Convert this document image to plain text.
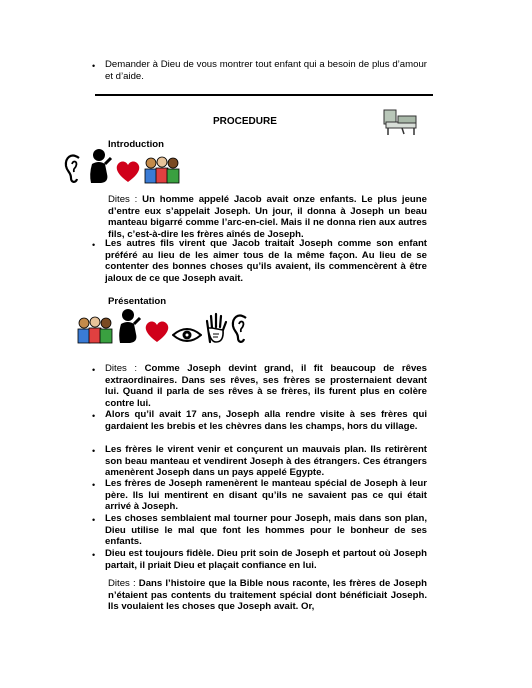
• Demander à Dieu de vous montrer tout enfant qui a besoin de plus d’amour et d’aide.
PROCEDURE
Introduction
Dites : Un homme appelé Jacob avait onze enfants. Le plus jeune d’entre eux s’appelait Joseph. Un jour, il donna à Joseph un beau manteau bigarré comme l’arc-en-ciel. Mais il ne donna rien aux autres fils, c’est-à-dire les frères aînés de Joseph.
• Les autres fils virent que Jacob traitait Joseph comme son enfant préféré au lieu de les aimer tous de la même façon. Au lieu de se contenter des bonnes choses qu’ils avaient, ils commencèrent à être jaloux de ce que Joseph avait.
Présentation
• Dites : Comme Joseph devint grand, il fit beaucoup de rêves extraordinaires. Dans ses rêves, ses frères se prosternaient devant lui. Quand il parla de ses rêves à se frères, ils furent plus en colère contre lui.
• Alors qu’il avait 17 ans, Joseph alla rendre visite à ses frères qui gardaient les brebis et les chèvres dans les champs, hors du village.
• Les frères le virent venir et conçurent un mauvais plan. Ils retirèrent son beau manteau et vendirent Joseph à des étrangers. Ces étrangers amenèrent Joseph dans un pays appelé Egypte.
• Les frères de Joseph ramenèrent le manteau spécial de Joseph à leur père. Ils lui mentirent en disant qu’ils ne savaient pas ce qui était arrivé à Joseph.
• Les choses semblaient mal tourner pour Joseph, mais dans son plan, Dieu utilise le mal que font les hommes pour le bonheur de ses enfants.
• Dieu est toujours fidèle. Dieu prit soin de Joseph et partout où Joseph partait, il priait Dieu et plaçait confiance en lui.
Dites : Dans l’histoire que la Bible nous raconte, les frères de Joseph n’étaient pas contents du traitement spécial dont bénéficiait Joseph. Ils voulaient les choses que Joseph avait. Or,
